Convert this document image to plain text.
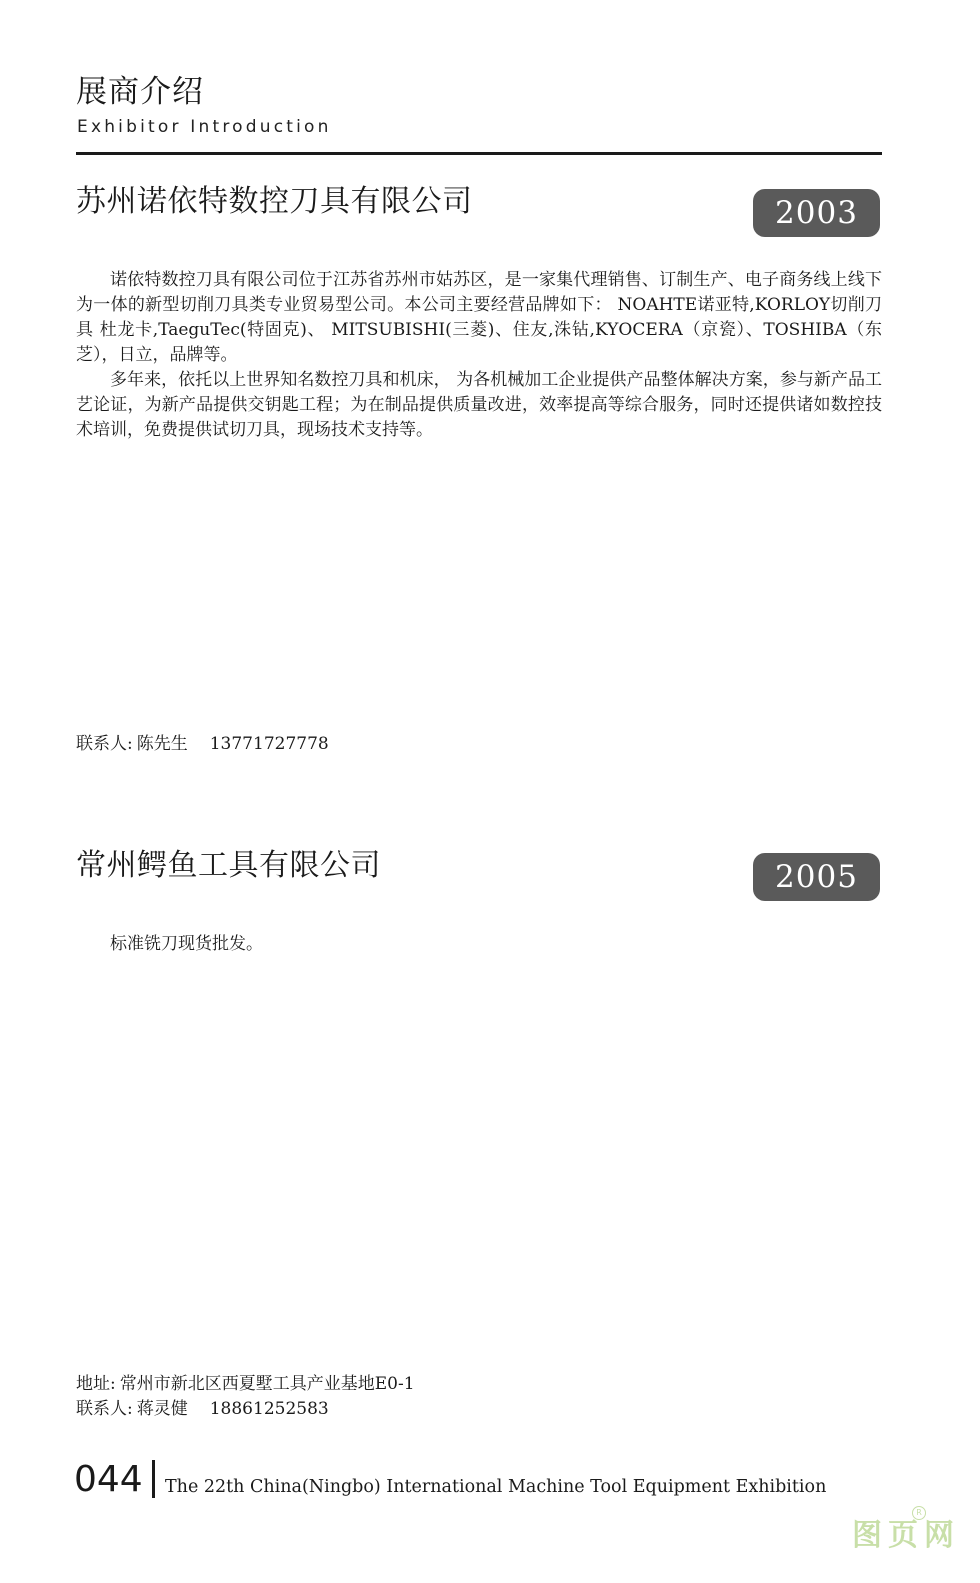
展商介绍
Exhibitor Introduction
苏州诺依特数控刀具有限公司	2003

诺依特数控刀具有限公司位于江苏省苏州市姑苏区，是一家集代理销售、订制生产、电子商务线上线下为一体的新型切削刀具类专业贸易型公司。本公司主要经营品牌如下： NOAHTE诺亚特,KORLOY切削刀具 杜龙卡,TaeguTec(特固克)、 MITSUBISHI(三菱)、住友,洙钻,KYOCERA（京瓷）、TOSHIBA（东芝），日立，品牌等。

多年来，依托以上世界知名数控刀具和机床， 为各机械加工企业提供产品整体解决方案，参与新产品工艺论证，为新产品提供交钥匙工程；为在制品提供质量改进，效率提高等综合服务，同时还提供诸如数控技术培训，免费提供试切刀具，现场技术支持等。

联系人: 陈先生 13771727778
常州鳄鱼工具有限公司	2005

标准铣刀现货批发。

地址: 常州市新北区西夏墅工具产业基地E0-1
联系人: 蒋灵健 18861252583
044 The 22th China(Ningbo) International Machine Tool Equipment Exhibition
图页网
R
